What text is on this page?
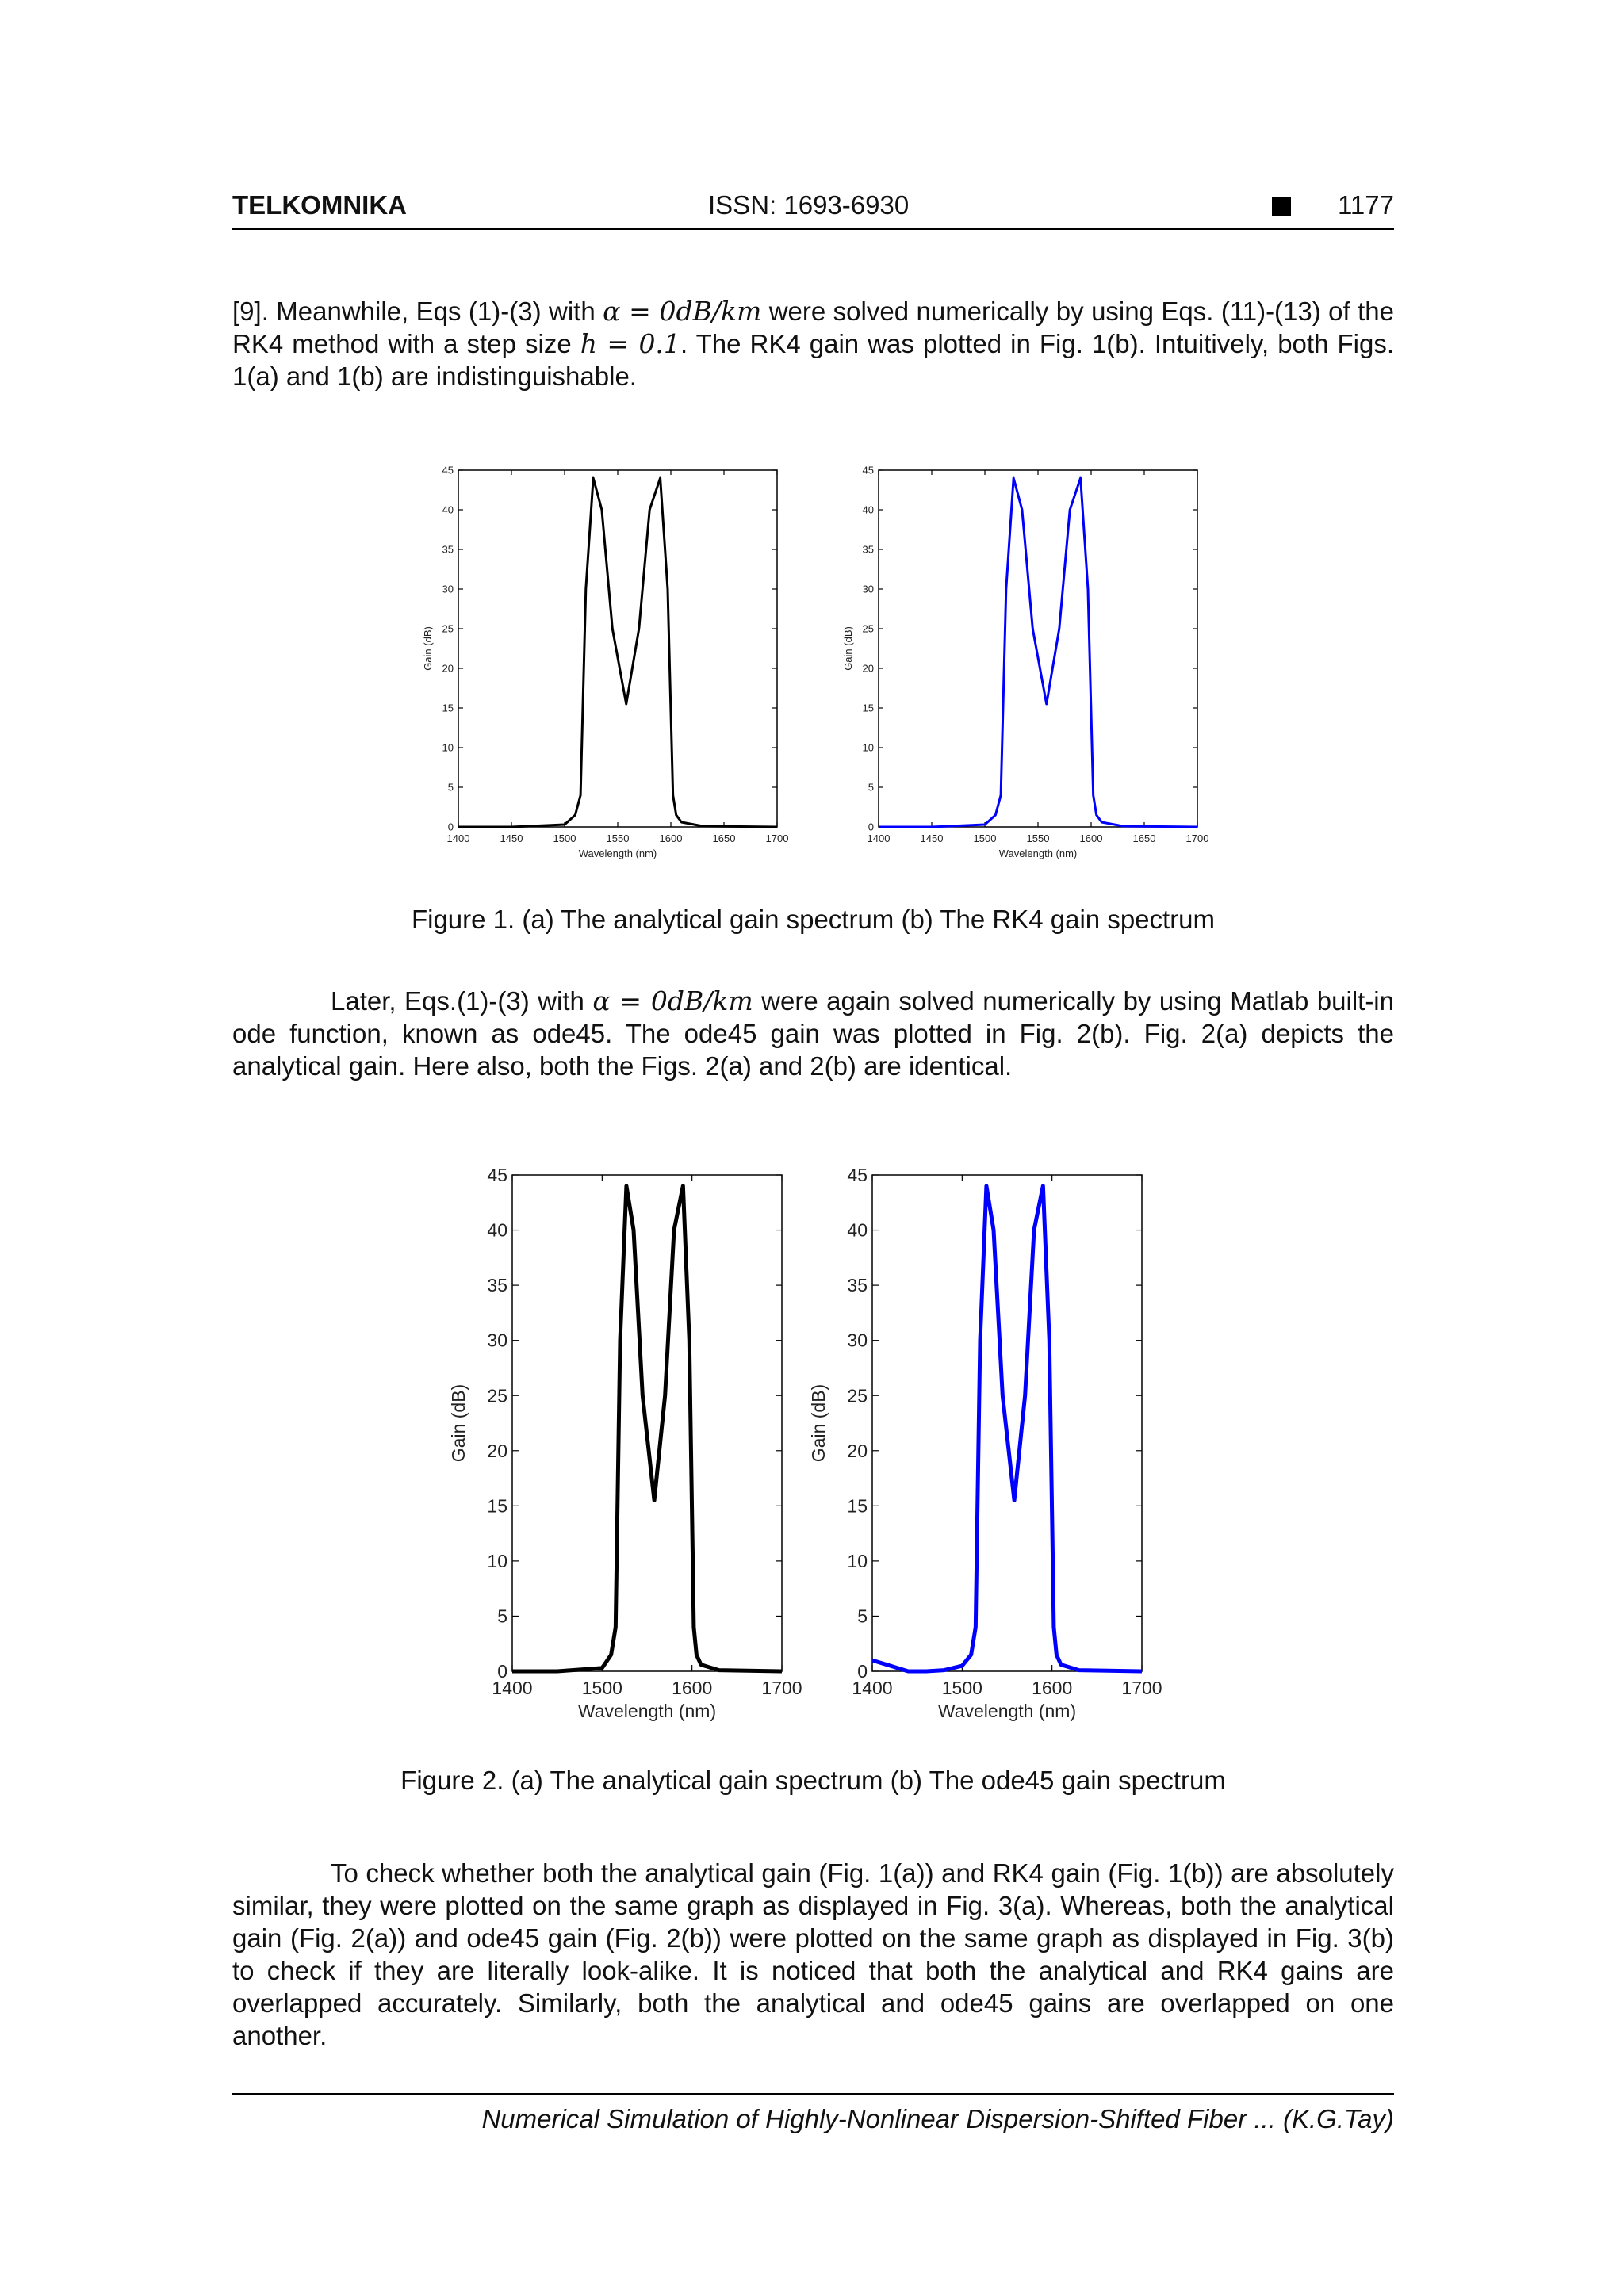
TELKOMNIKA	ISSN: 1693-6930	1177

[9]. Meanwhile, Eqs (1)-(3) with α = 0dB/km were solved numerically by using Eqs. (11)-(13) of the RK4 method with a step size h = 0.1. The RK4 gain was plotted in Fig. 1(b). Intuitively, both Figs. 1(a) and 1(b) are indistinguishable.

1400	1450	1500	1550	1600	1650	1700
0
5
10
15
20
25
30
35
40
45
Wavelength (nm)
Gain (dB)
1400	1450	1500	1550	1600	1650	1700
0
5
10
15
20
25
30
35
40
45
Wavelength (nm)
Gain (dB)

Figure 1. (a) The analytical gain spectrum (b) The RK4 gain spectrum

Later, Eqs.(1)-(3) with α = 0dB/km were again solved numerically by using Matlab built-in ode function, known as ode45. The ode45 gain was plotted in Fig. 2(b). Fig. 2(a) depicts the analytical gain. Here also, both the Figs. 2(a) and 2(b) are identical.

1400	1500	1600	1700
0
5
10
15
20
25
30
35
40
45
Wavelength (nm)
Gain (dB)
1400	1500	1600	1700
0
5
10
15
20
25
30
35
40
45
Wavelength (nm)
Gain (dB)

Figure 2. (a) The analytical gain spectrum (b) The ode45 gain spectrum

To check whether both the analytical gain (Fig. 1(a)) and RK4 gain (Fig. 1(b)) are absolutely similar, they were plotted on the same graph as displayed in Fig. 3(a). Whereas, both the analytical gain (Fig. 2(a)) and ode45 gain (Fig. 2(b)) were plotted on the same graph as displayed in Fig. 3(b) to check if they are literally look-alike. It is noticed that both the analytical and RK4 gains are overlapped accurately. Similarly, both the analytical and ode45 gains are overlapped on one another.

Numerical Simulation of Highly-Nonlinear Dispersion-Shifted Fiber ... (K.G.Tay)
